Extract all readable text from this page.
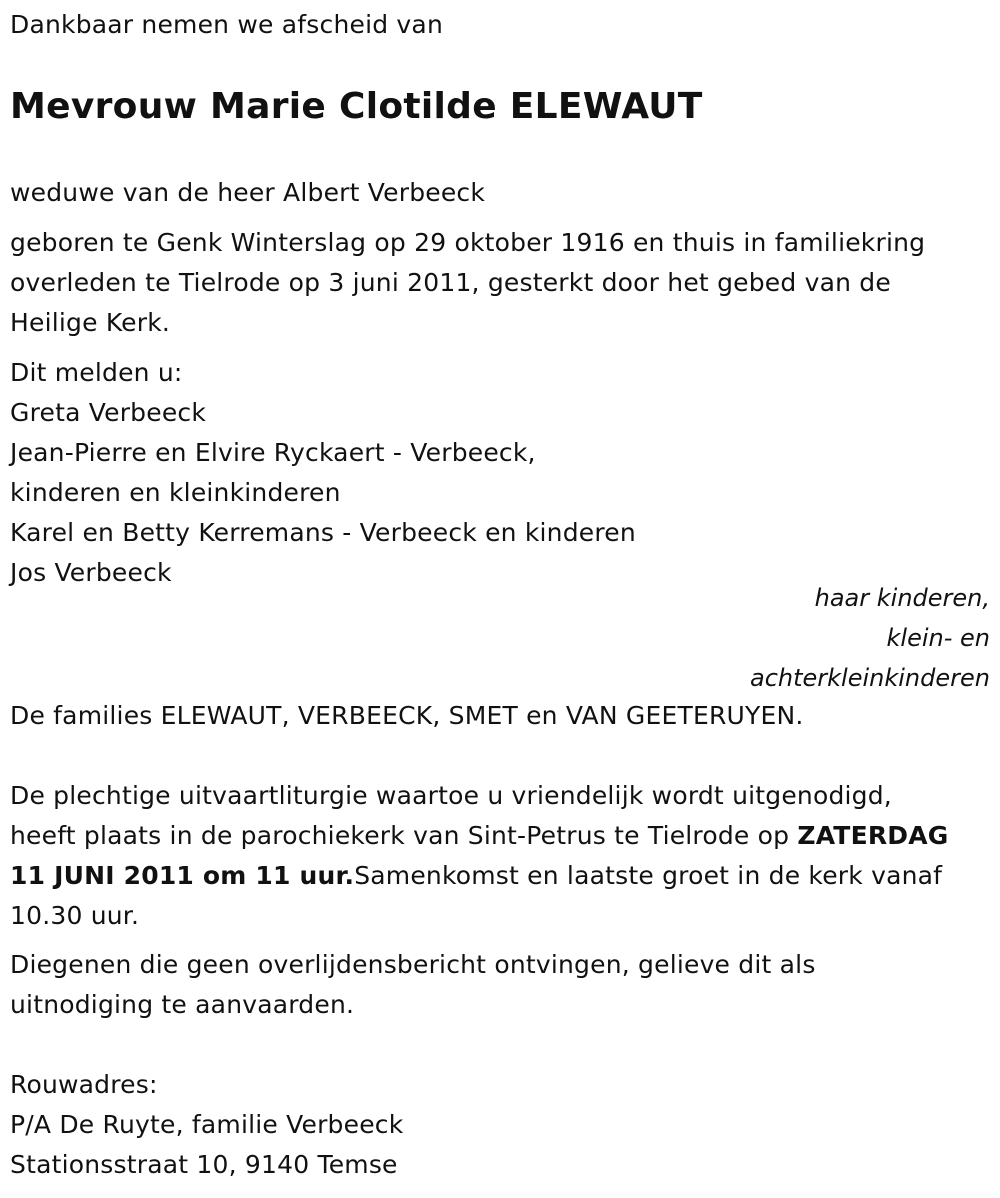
Dankbaar nemen we afscheid van
Mevrouw Marie Clotilde ELEWAUT
weduwe van de heer Albert Verbeeck
geboren te Genk Winterslag op 29 oktober 1916 en thuis in familiekring
overleden te Tielrode op 3 juni 2011, gesterkt door het gebed van de
Heilige Kerk.
Dit melden u:
Greta Verbeeck
Jean-Pierre en Elvire Ryckaert - Verbeeck,
kinderen en kleinkinderen
Karel en Betty Kerremans - Verbeeck en kinderen
Jos Verbeeck
haar kinderen,
klein- en
achterkleinkinderen
De families ELEWAUT, VERBEECK, SMET en VAN GEETERUYEN.
De plechtige uitvaartliturgie waartoe u vriendelijk wordt uitgenodigd,
heeft plaats in de parochiekerk van Sint-Petrus te Tielrode op ZATERDAG
11 JUNI 2011 om 11 uur.Samenkomst en laatste groet in de kerk vanaf
10.30 uur.
Diegenen die geen overlijdensbericht ontvingen, gelieve dit als
uitnodiging te aanvaarden.
Rouwadres:
P/A De Ruyte, familie Verbeeck
Stationsstraat 10, 9140 Temse
